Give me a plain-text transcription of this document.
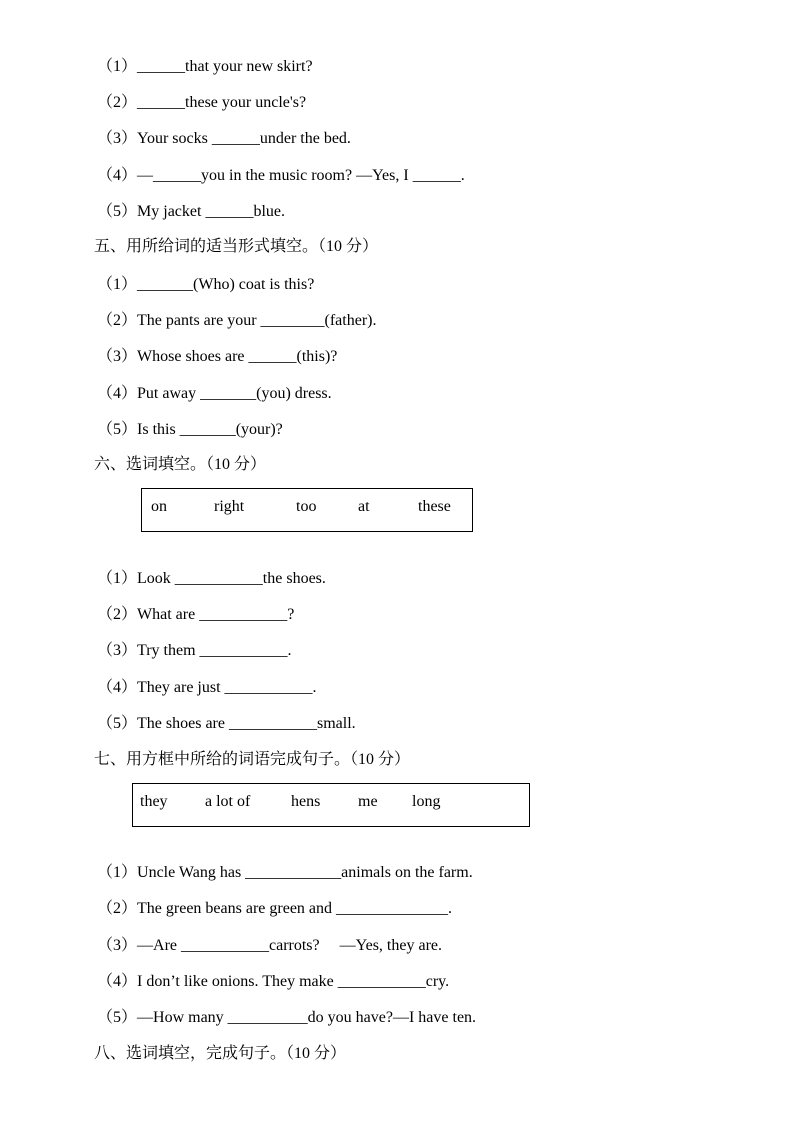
（1）______that your new skirt?
（2）______these your uncle's?
（3）Your socks ______under the bed.
（4）—______you in the music room? —Yes, I ______.
（5）My jacket ______blue.
五、用所给词的适当形式填空。（10 分）
（1）_______(Who) coat is this?
（2）The pants are your ________(father).
（3）Whose shoes are ______(this)?
（4）Put away _______(you) dress.
（5）Is this _______(your)?
六、选词填空。（10 分）
on	right	too	at	these
（1）Look ___________the shoes.
（2）What are ___________?
（3）Try them ___________.
（4）They are just ___________.
（5）The shoes are ___________small.
七、用方框中所给的词语完成句子。（10 分）
they a lot of	hens me long
（1）Uncle Wang has ____________animals on the farm.
（2）The green beans are green and ______________.
（3）—Are ___________carrots?     —Yes, they are.
（4）I don’t like onions. They make ___________cry.
（5）—How many __________do you have?—I have ten.
八、选词填空，完成句子。（10 分）
